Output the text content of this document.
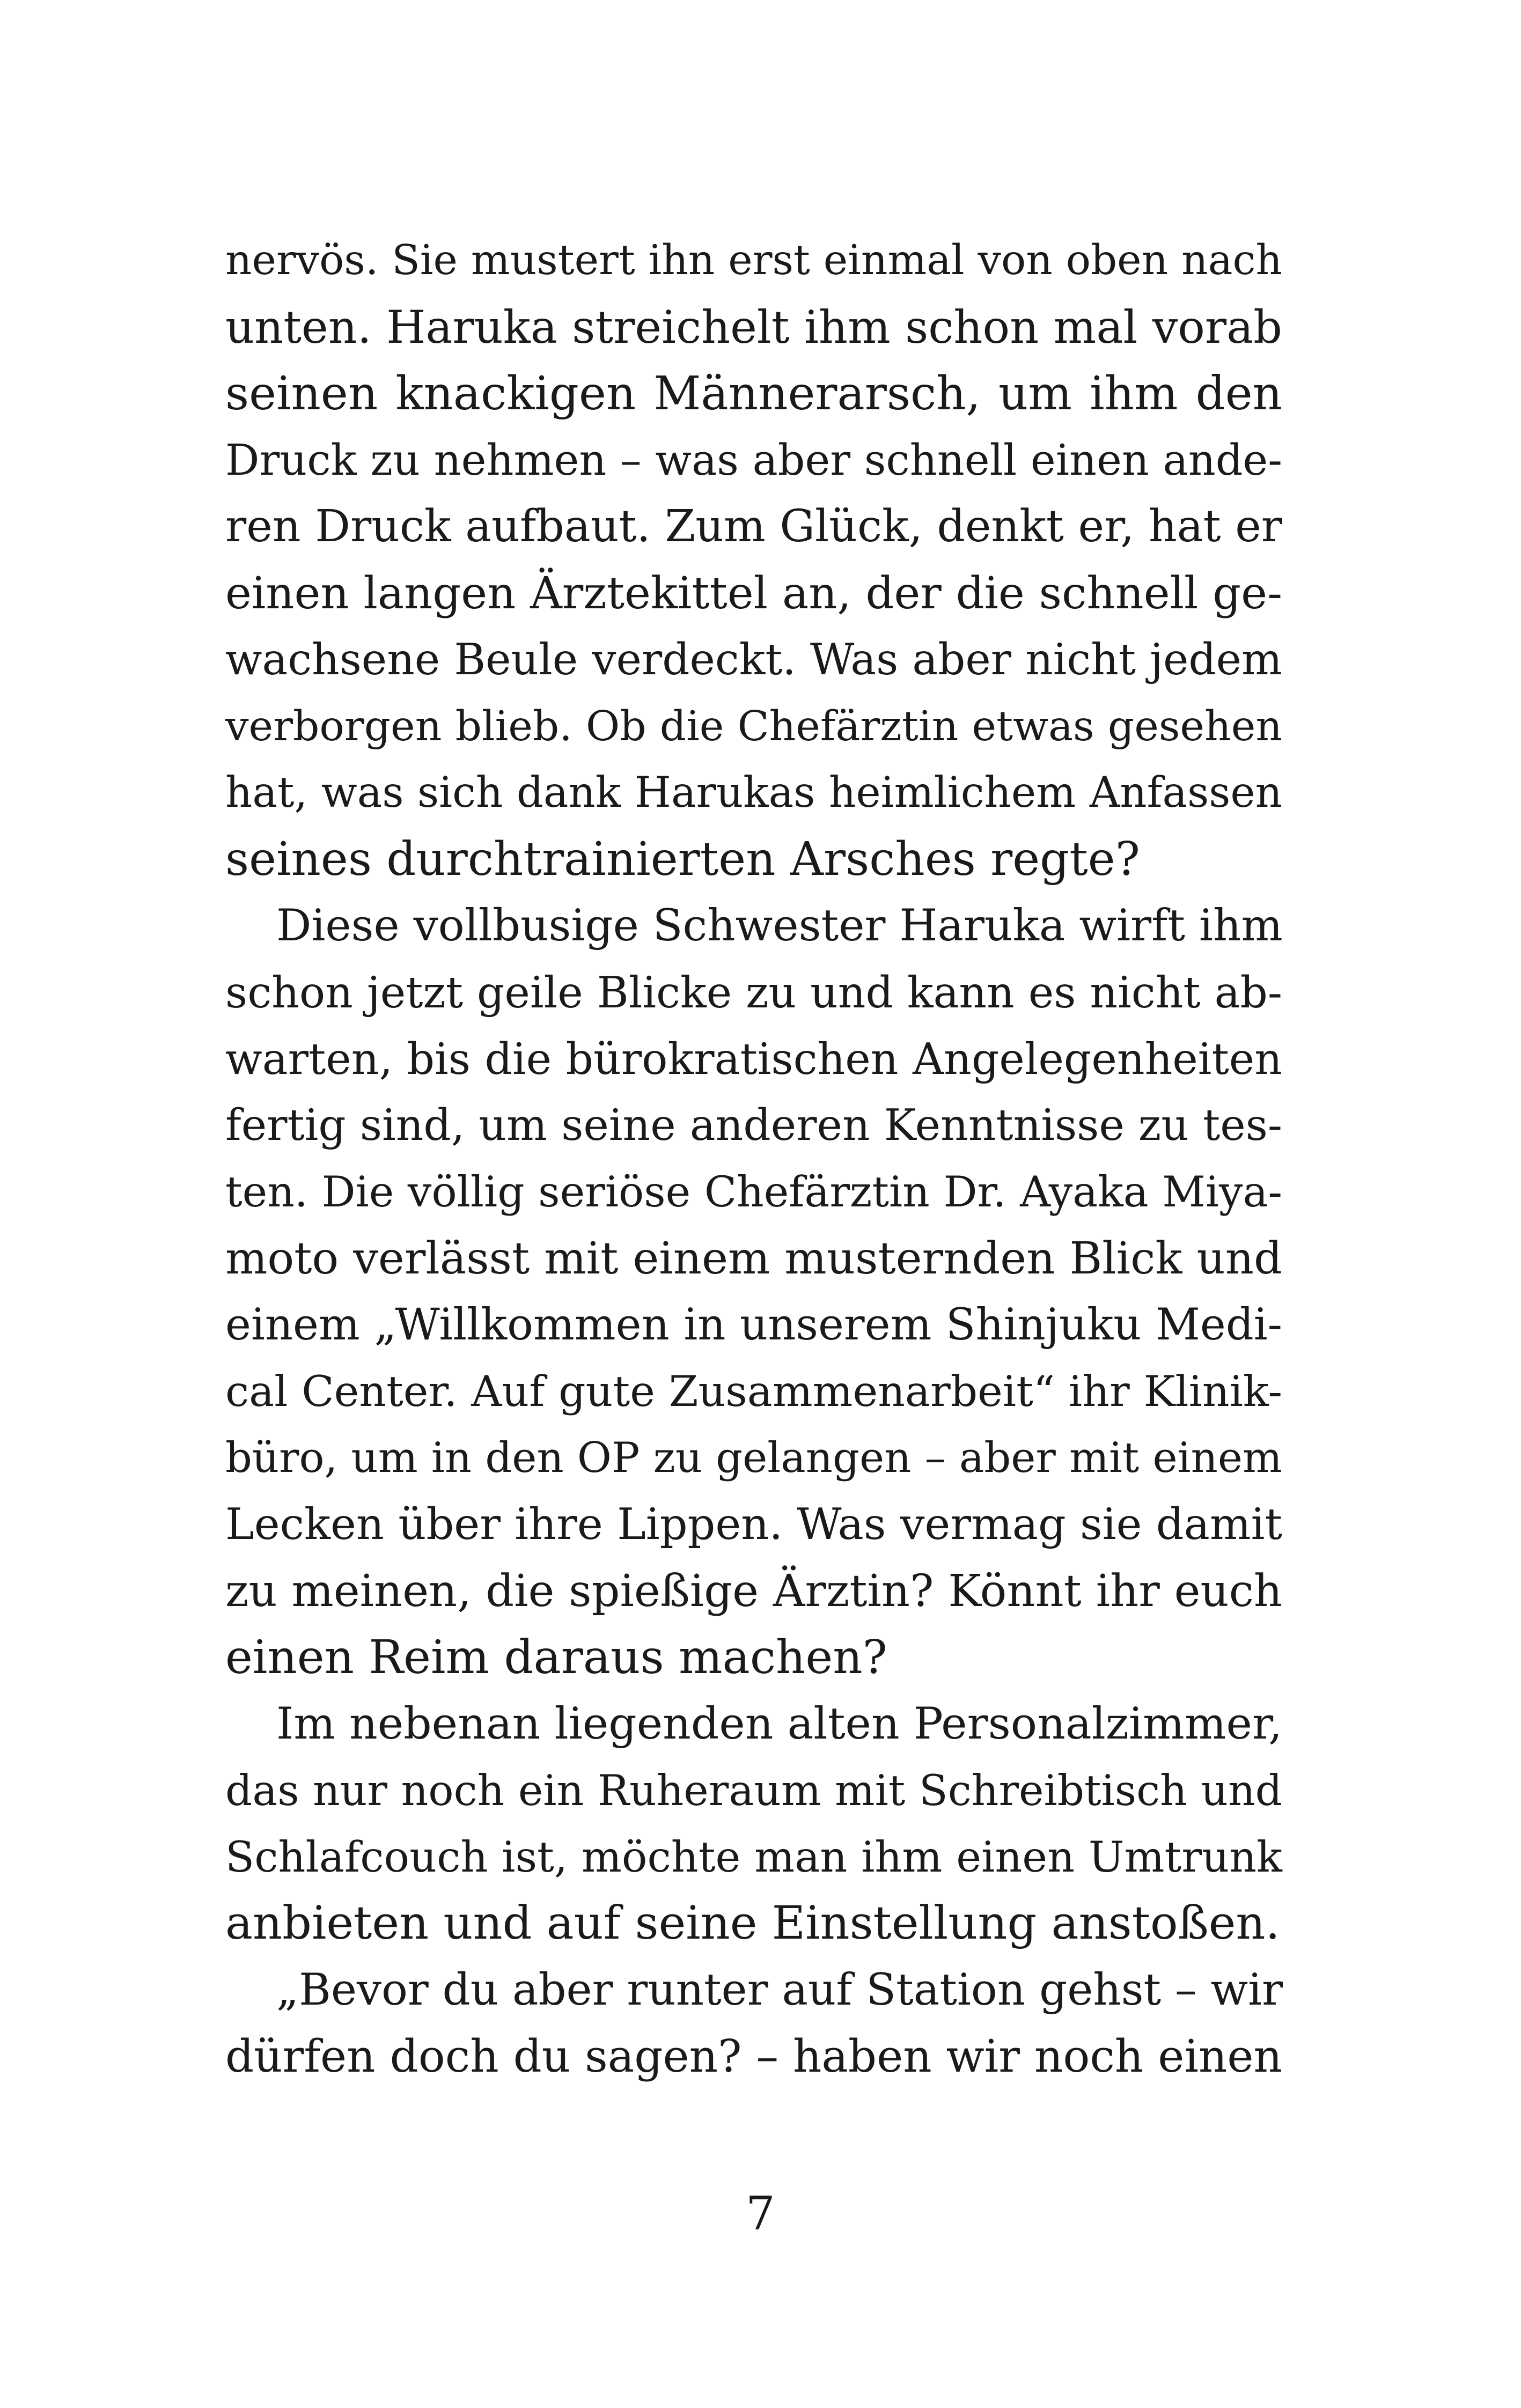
nervös. Sie mustert ihn erst einmal von oben nach
unten. Haruka streichelt ihm schon mal vorab
seinen knackigen Männerarsch, um ihm den
Druck zu nehmen – was aber schnell einen ande-
ren Druck aufbaut. Zum Glück, denkt er, hat er
einen langen Ärztekittel an, der die schnell ge-
wachsene Beule verdeckt. Was aber nicht jedem
verborgen blieb. Ob die Chefärztin etwas gesehen
hat, was sich dank Harukas heimlichem Anfassen
seines durchtrainierten Arsches regte?
Diese vollbusige Schwester Haruka wirft ihm
schon jetzt geile Blicke zu und kann es nicht ab-
warten, bis die bürokratischen Angelegenheiten
fertig sind, um seine anderen Kenntnisse zu tes-
ten. Die völlig seriöse Chefärztin Dr. Ayaka Miya-
moto verlässt mit einem musternden Blick und
einem „Willkommen in unserem Shinjuku Medi-
cal Center. Auf gute Zusammenarbeit“ ihr Klinik-
büro, um in den OP zu gelangen – aber mit einem
Lecken über ihre Lippen. Was vermag sie damit
zu meinen, die spießige Ärztin? Könnt ihr euch
einen Reim daraus machen?
Im nebenan liegenden alten Personalzimmer,
das nur noch ein Ruheraum mit Schreibtisch und
Schlafcouch ist, möchte man ihm einen Umtrunk
anbieten und auf seine Einstellung anstoßen.
„Bevor du aber runter auf Station gehst – wir
dürfen doch du sagen? – haben wir noch einen
7
